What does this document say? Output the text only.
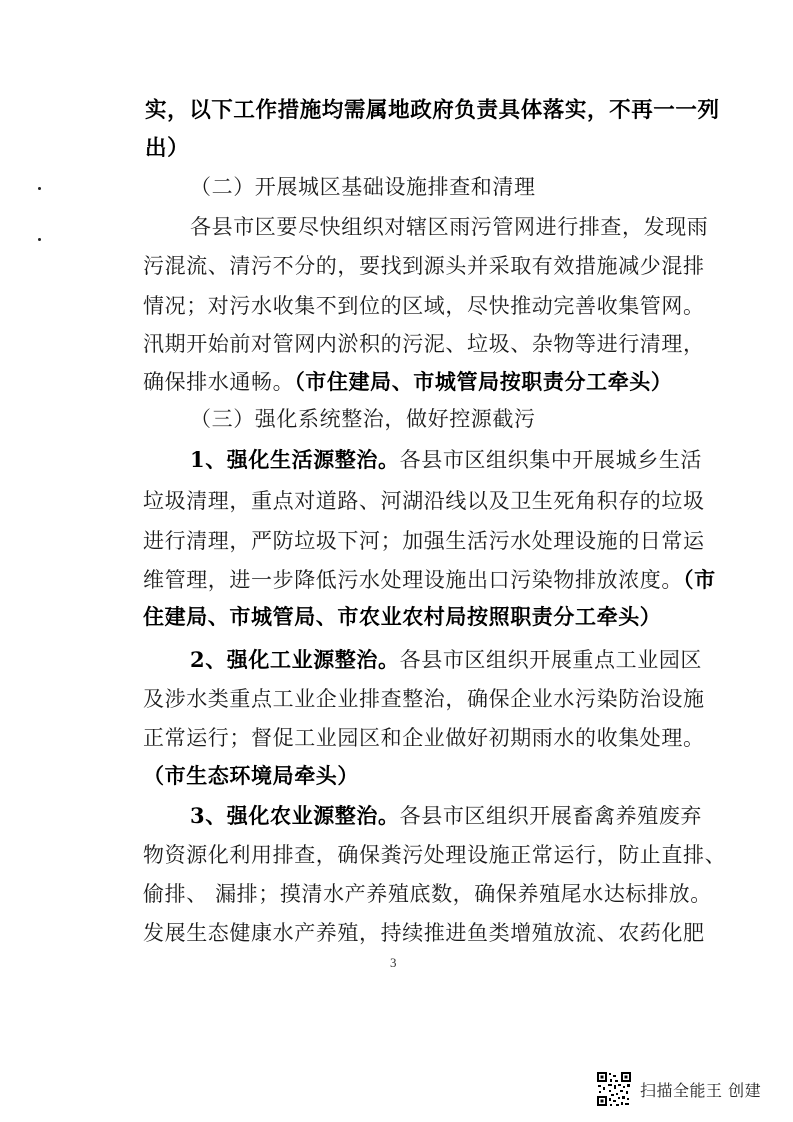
实，以下工作措施均需属地政府负责具体落实，不再一一列
出）
（二）开展城区基础设施排查和清理
各县市区要尽快组织对辖区雨污管网进行排查，发现雨
污混流、清污不分的，要找到源头并采取有效措施减少混排
情况；对污水收集不到位的区域，尽快推动完善收集管网。
汛期开始前对管网内淤积的污泥、垃圾、杂物等进行清理，
确保排水通畅。（市住建局、市城管局按职责分工牵头）
（三）强化系统整治，做好控源截污
1、强化生活源整治。各县市区组织集中开展城乡生活
垃圾清理，重点对道路、河湖沿线以及卫生死角积存的垃圾
进行清理，严防垃圾下河；加强生活污水处理设施的日常运
维管理，进一步降低污水处理设施出口污染物排放浓度。（市
住建局、市城管局、市农业农村局按照职责分工牵头）
2、强化工业源整治。各县市区组织开展重点工业园区
及涉水类重点工业企业排查整治，确保企业水污染防治设施
正常运行；督促工业园区和企业做好初期雨水的收集处理。
（市生态环境局牵头）
3、强化农业源整治。各县市区组织开展畜禽养殖废弃
物资源化利用排查，确保粪污处理设施正常运行，防止直排、
偷排、 漏排；摸清水产养殖底数，确保养殖尾水达标排放。
发展生态健康水产养殖，持续推进鱼类增殖放流、农药化肥
3
扫描全能王 创建
